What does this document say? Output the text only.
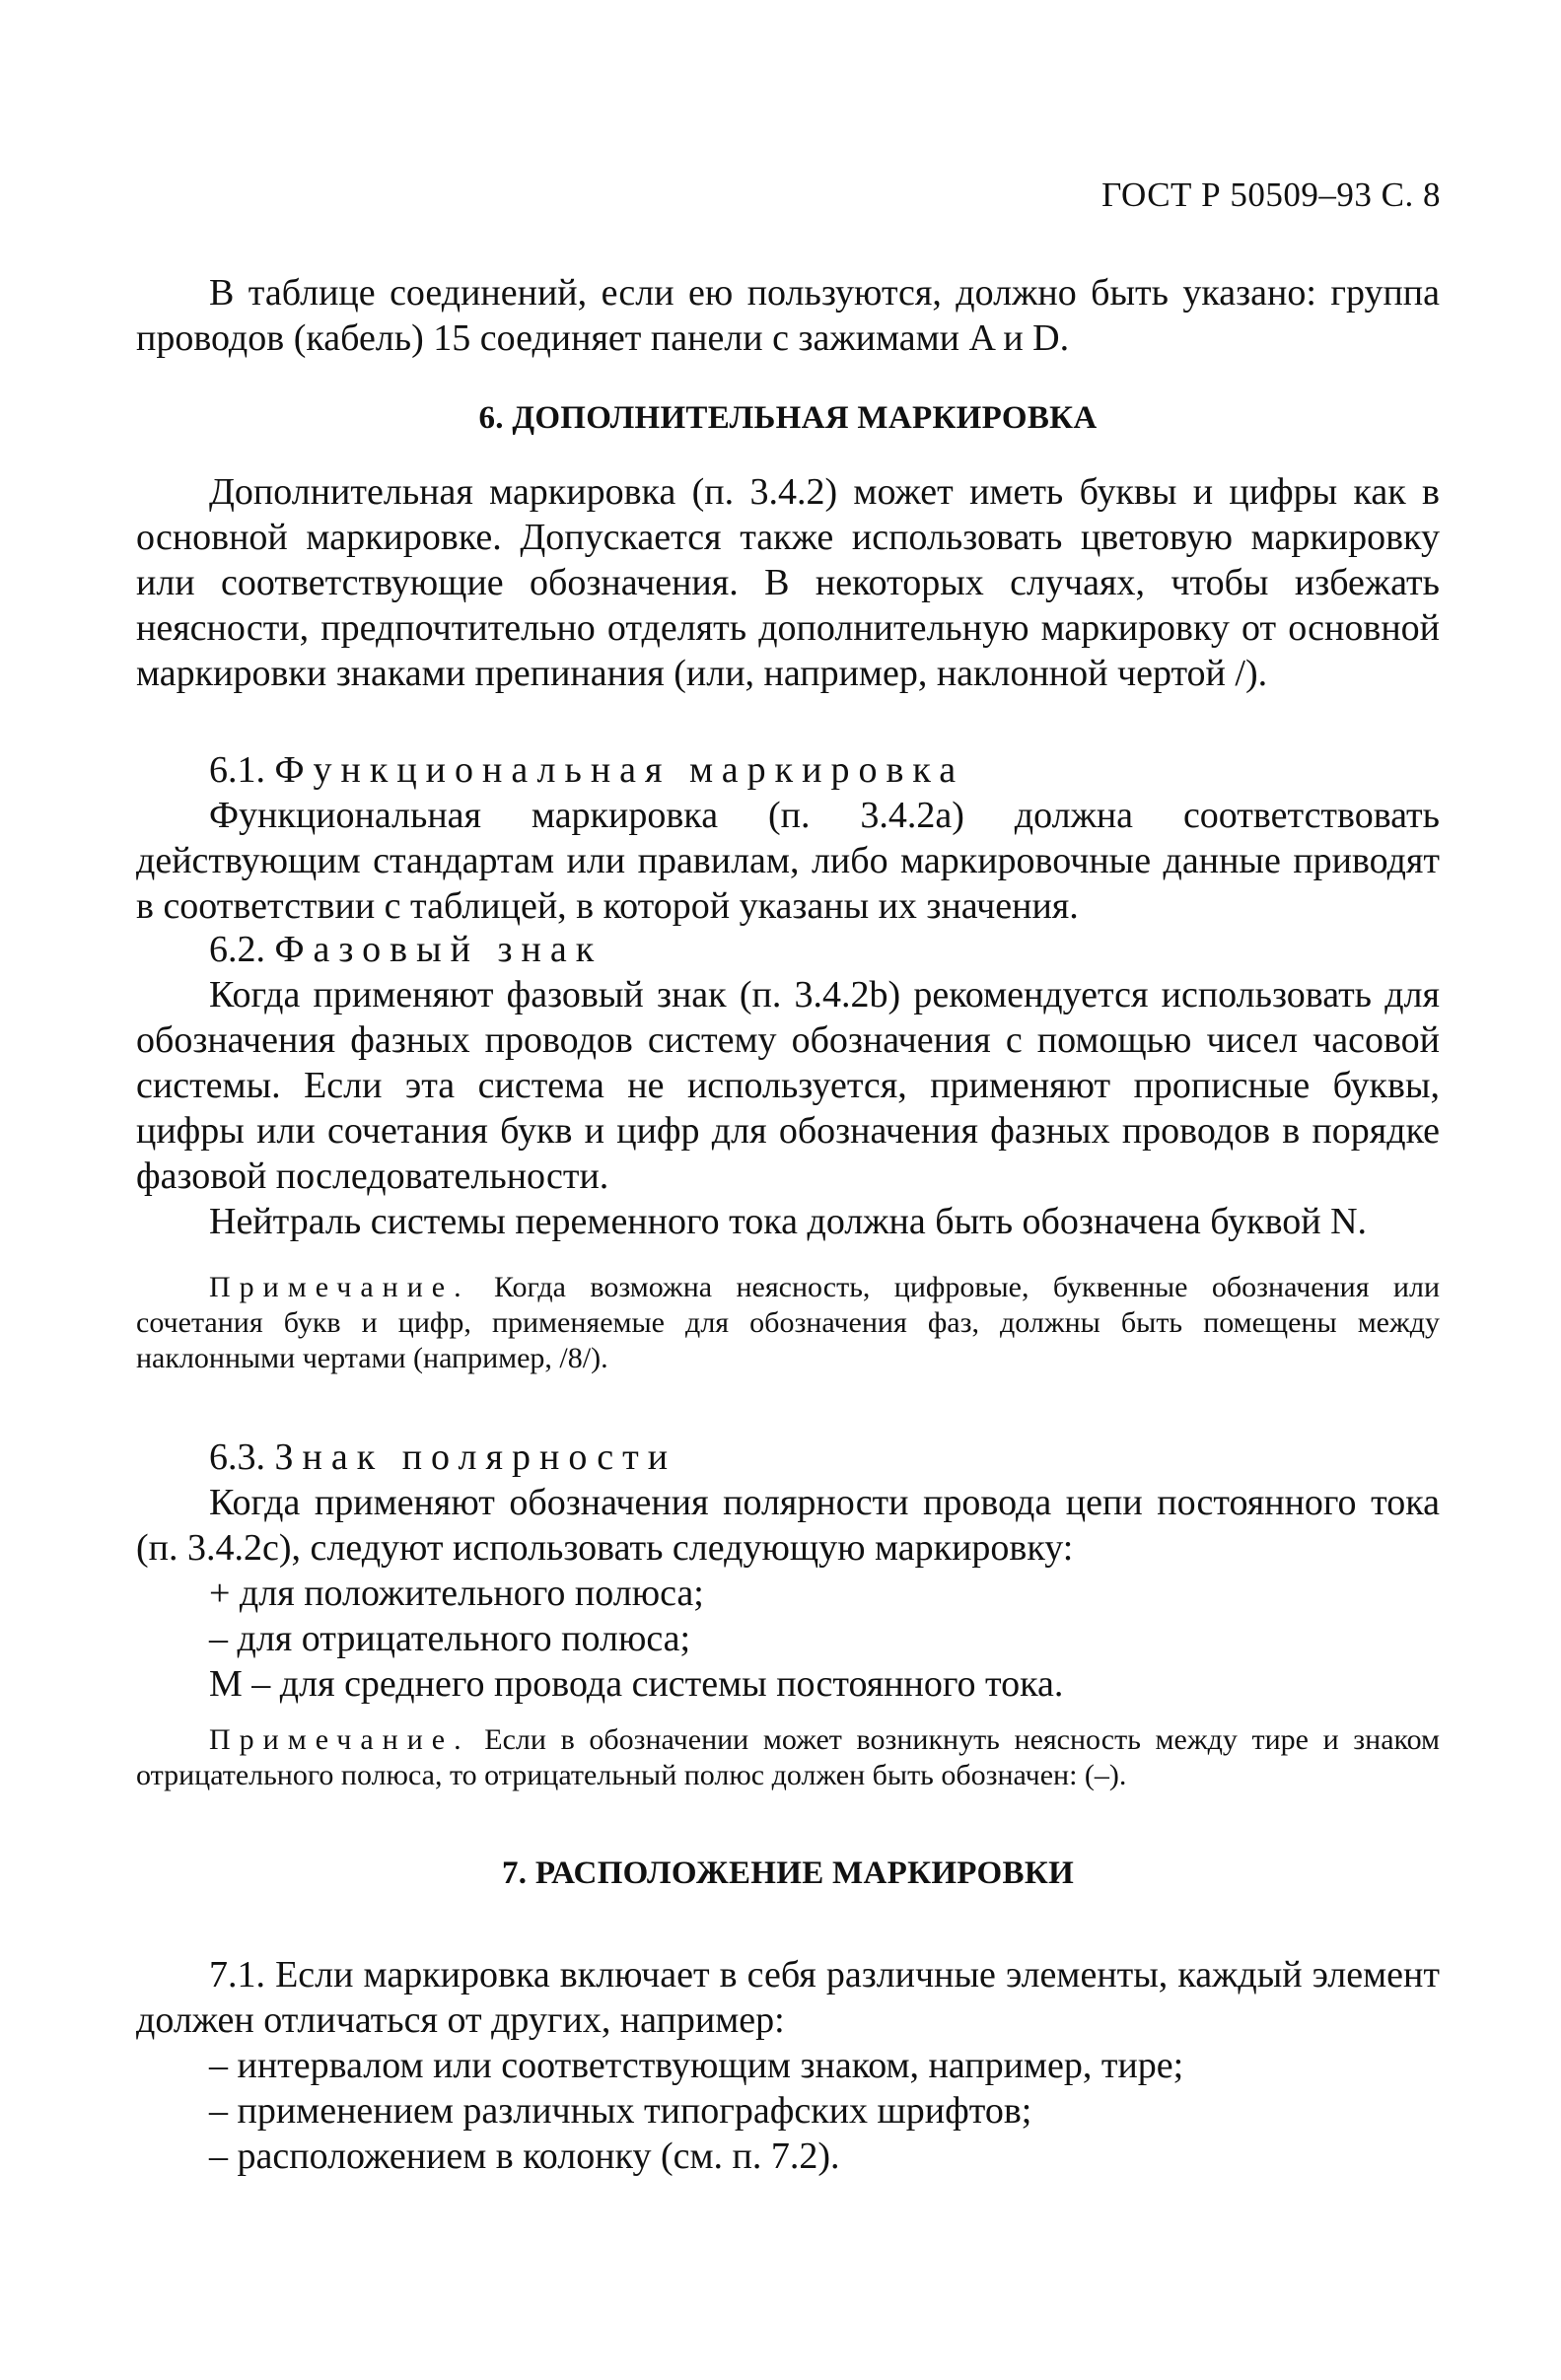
ГОСТ Р 50509–93 С. 8

В таблице соединений, если ею пользуются, должно быть указано: группа проводов (кабель) 15 соединяет панели с зажимами A и D.

6. ДОПОЛНИТЕЛЬНАЯ МАРКИРОВКА

Дополнительная маркировка (п. 3.4.2) может иметь буквы и цифры как в основной маркировке. Допускается также использовать цветовую маркировку или соответствующие обозначения. В некоторых случаях, чтобы избежать неясности, предпочтительно отделять дополнительную маркировку от основной маркировки знаками препинания (или, например, наклонной чертой /).

6.1. Функциональная маркировка

Функциональная маркировка (п. 3.4.2a) должна соответствовать действующим стандартам или правилам, либо маркировочные данные приводят в соответствии с таблицей, в которой указаны их значения.

6.2. Фазовый знак

Когда применяют фазовый знак (п. 3.4.2b) рекомендуется использовать для обозначения фазных проводов систему обозначения с помощью чисел часовой системы. Если эта система не используется, применяют прописные буквы, цифры или сочетания букв и цифр для обозначения фазных проводов в порядке фазовой последовательности.

Нейтраль системы переменного тока должна быть обозначена буквой N.

Примечание. Когда возможна неясность, цифровые, буквенные обозначения или сочетания букв и цифр, применяемые для обозначения фаз, должны быть помещены между наклонными чертами (например, /8/).

6.3. Знак полярности

Когда применяют обозначения полярности провода цепи постоянного тока (п. 3.4.2c), следуют использовать следующую маркировку:

+ для положительного полюса;

– для отрицательного полюса;

M – для среднего провода системы постоянного тока.

Примечание. Если в обозначении может возникнуть неясность между тире и знаком отрицательного полюса, то отрицательный полюс должен быть обозначен: (–).

7. РАСПОЛОЖЕНИЕ МАРКИРОВКИ

7.1. Если маркировка включает в себя различные элементы, каждый элемент должен отличаться от других, например:

– интервалом или соответствующим знаком, например, тире;

– применением различных типографских шрифтов;

– расположением в колонку (см. п. 7.2).
